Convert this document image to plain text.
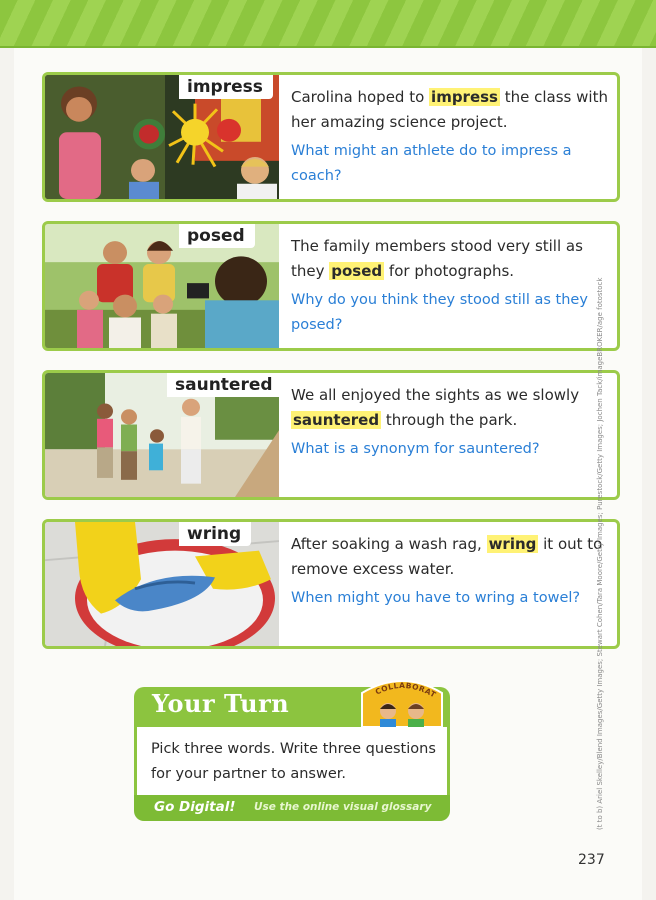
impress	Carolina hoped to impress the class with her amazing science project.

What might an athlete do to impress a coach?

posed	The family members stood very still as they posed for photographs.

Why do you think they stood still as they posed?

sauntered	We all enjoyed the sights as we slowly sauntered through the park.

What is a synonym for sauntered?

wring	After soaking a wash rag, wring it out to remove excess water.

When might you have to wring a towel?

Your Turn	COLLABORAT

Pick three words. Write three questions for your partner to answer.

Go Digital! Use the online visual glossary	(t to b) Ariel Skelley/Blend Images/Getty Images; Stewart Cohen/Tara Moore/Getty Images; Purestock/Getty Images; Jochen Tack/imageBROKER/age fotostock
237
